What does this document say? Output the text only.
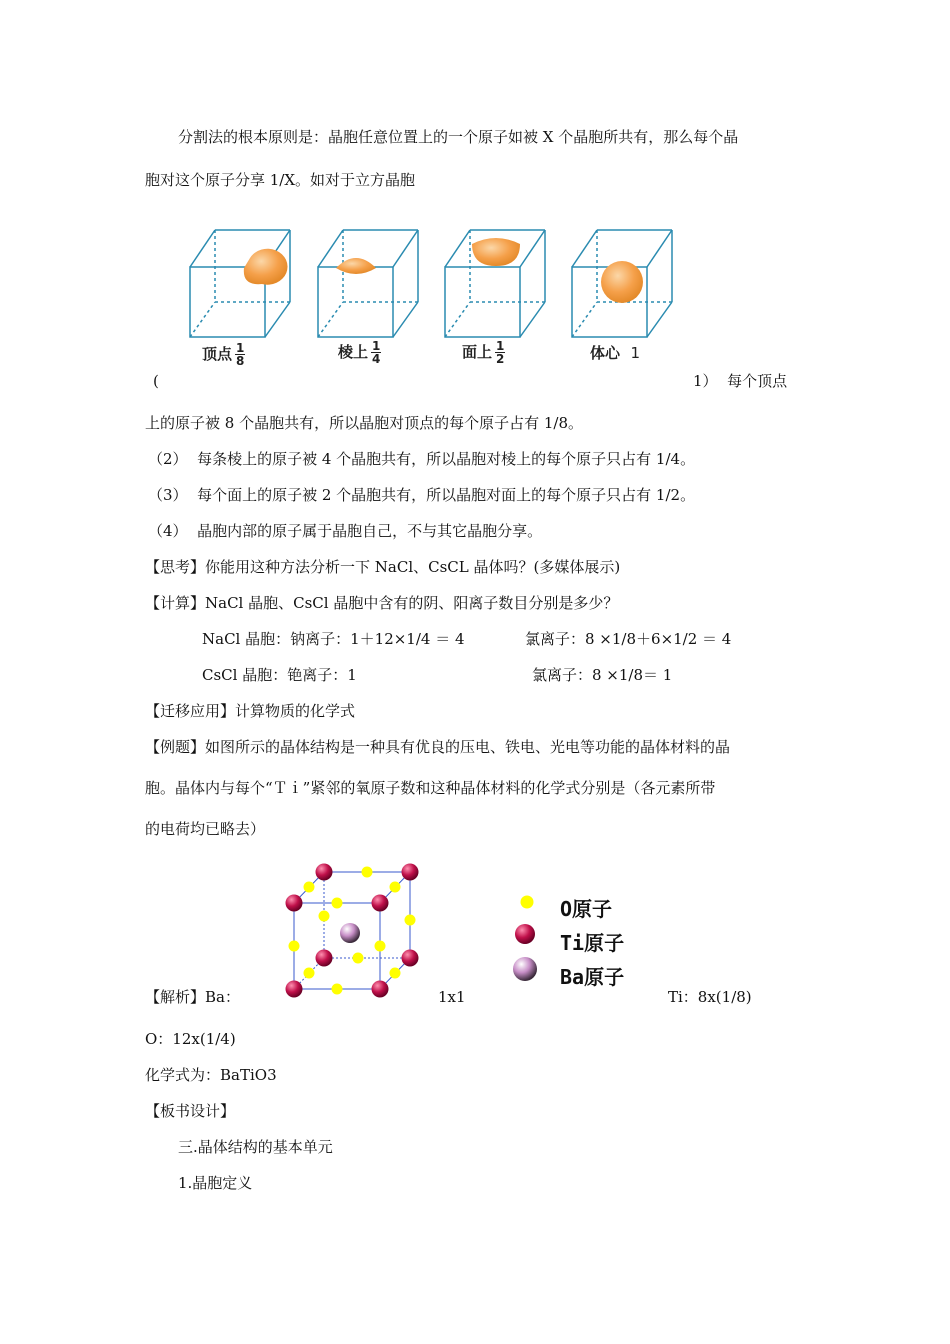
分割法的根本原则是：晶胞任意位置上的一个原子如被 X 个晶胞所共有，那么每个晶
胞对这个原子分享 1/X。如对于立方晶胞
顶点 $\frac{1}{8}$	棱上 $\frac{1}{4}$	面上 $\frac{1}{2}$	体心 1
(	1）  每个顶点
上的原子被 8 个晶胞共有，所以晶胞对顶点的每个原子占有 1/8。
（2）  每条棱上的原子被 4 个晶胞共有，所以晶胞对棱上的每个原子只占有 1/4。
（3）  每个面上的原子被 2 个晶胞共有，所以晶胞对面上的每个原子只占有 1/2。
（4）  晶胞内部的原子属于晶胞自己，不与其它晶胞分享。
【思考】你能用这种方法分析一下 NaCl、CsCL 晶体吗？(多媒体展示)
【计算】NaCl 晶胞、CsCl 晶胞中含有的阴、阳离子数目分别是多少？
NaCl 晶胞：钠离子：1＋12×1/4 ＝ 4	氯离子：8 ×1/8＋6×1/2 ＝ 4
CsCl 晶胞：铯离子：1	氯离子：8 ×1/8＝ 1
【迁移应用】计算物质的化学式
【例题】如图所示的晶体结构是一种具有优良的压电、铁电、光电等功能的晶体材料的晶
胞。晶体内与每个“Ｔｉ”紧邻的氧原子数和这种晶体材料的化学式分别是（各元素所带
的电荷均已略去）
O原子
Ti原子
Ba原子
【解析】Ba：	1x1	Ti：8x(1/8)
O：12x(1/4)
化学式为：BaTiO3
【板书设计】
三.晶体结构的基本单元
1.晶胞定义
